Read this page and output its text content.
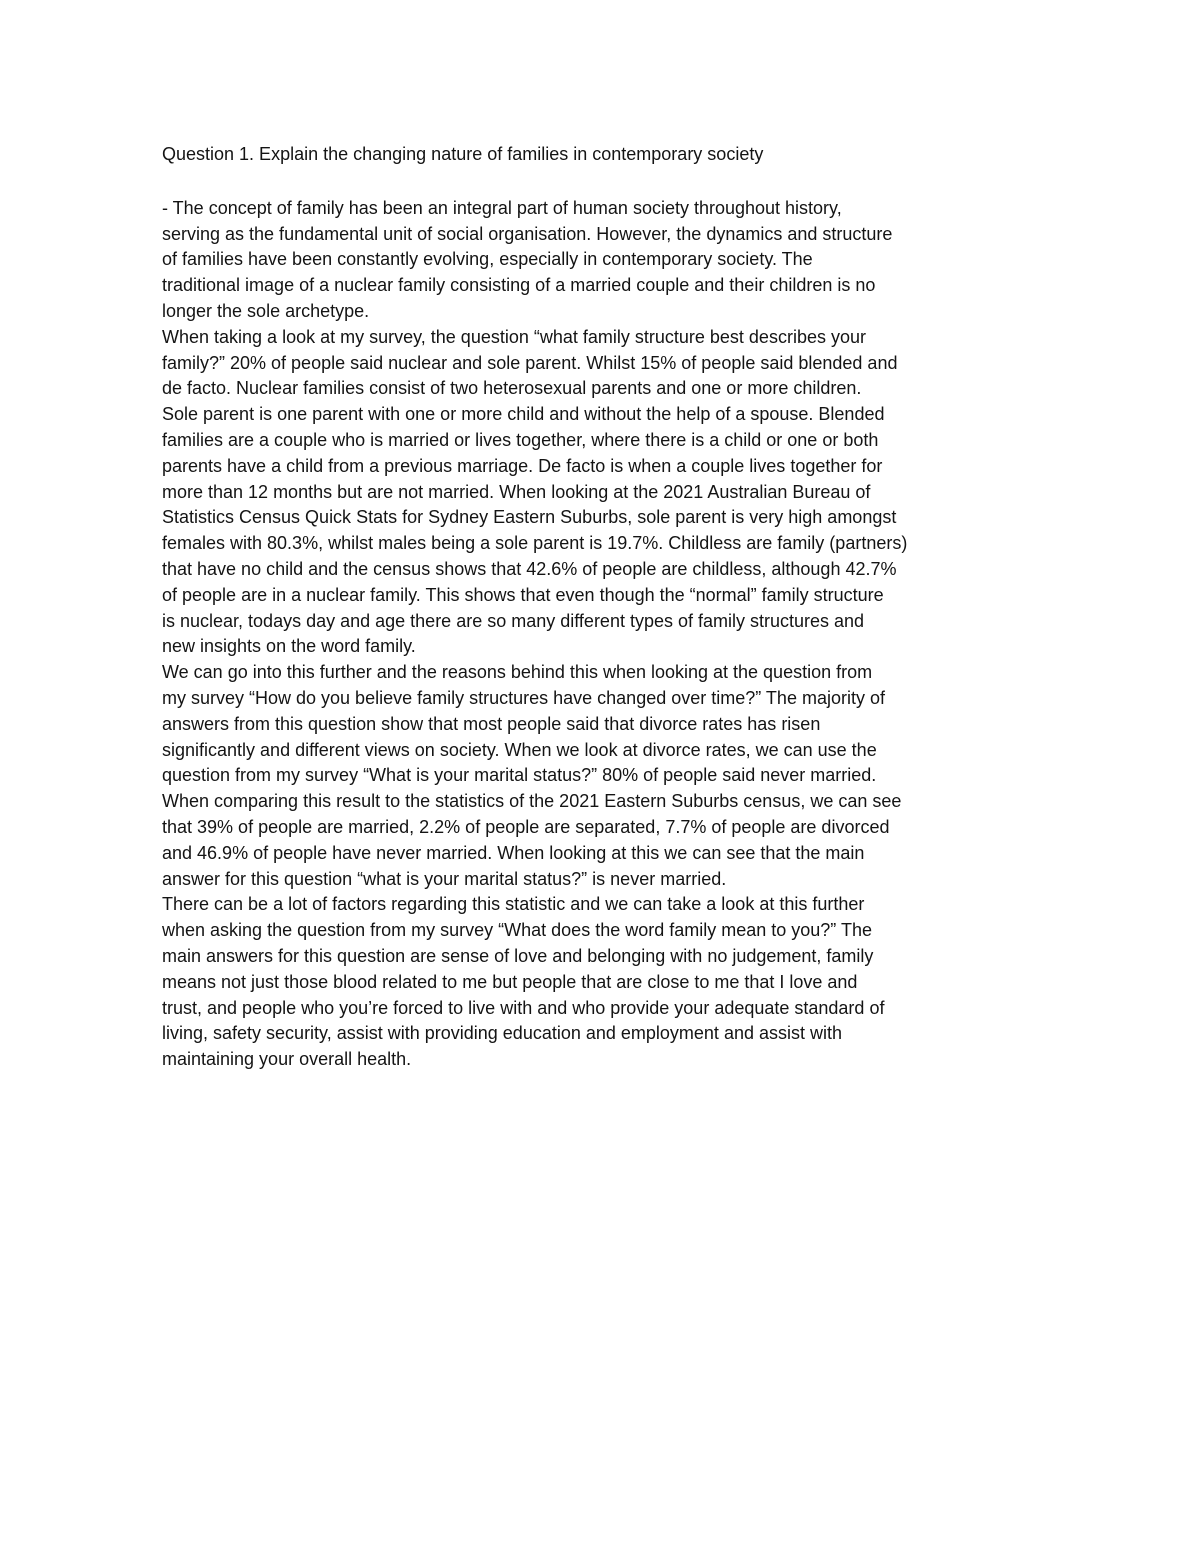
Question 1. Explain the changing nature of families in contemporary society

- The concept of family has been an integral part of human society throughout history,
serving as the fundamental unit of social organisation. However, the dynamics and structure
of families have been constantly evolving, especially in contemporary society. The
traditional image of a nuclear family consisting of a married couple and their children is no
longer the sole archetype.

When taking a look at my survey, the question “what family structure best describes your
family?” 20% of people said nuclear and sole parent. Whilst 15% of people said blended and
de facto. Nuclear families consist of two heterosexual parents and one or more children.
Sole parent is one parent with one or more child and without the help of a spouse. Blended
families are a couple who is married or lives together, where there is a child or one or both
parents have a child from a previous marriage. De facto is when a couple lives together for
more than 12 months but are not married. When looking at the 2021 Australian Bureau of
Statistics Census Quick Stats for Sydney Eastern Suburbs, sole parent is very high amongst
females with 80.3%, whilst males being a sole parent is 19.7%. Childless are family (partners)
that have no child and the census shows that 42.6% of people are childless, although 42.7%
of people are in a nuclear family. This shows that even though the “normal” family structure
is nuclear, todays day and age there are so many different types of family structures and
new insights on the word family.

We can go into this further and the reasons behind this when looking at the question from
my survey “How do you believe family structures have changed over time?” The majority of
answers from this question show that most people said that divorce rates has risen
significantly and different views on society. When we look at divorce rates, we can use the
question from my survey “What is your marital status?” 80% of people said never married.
When comparing this result to the statistics of the 2021 Eastern Suburbs census, we can see
that 39% of people are married, 2.2% of people are separated, 7.7% of people are divorced
and 46.9% of people have never married. When looking at this we can see that the main
answer for this question “what is your marital status?” is never married.

There can be a lot of factors regarding this statistic and we can take a look at this further
when asking the question from my survey “What does the word family mean to you?” The
main answers for this question are sense of love and belonging with no judgement, family
means not just those blood related to me but people that are close to me that I love and
trust, and people who you’re forced to live with and who provide your adequate standard of
living, safety security, assist with providing education and employment and assist with
maintaining your overall health.
